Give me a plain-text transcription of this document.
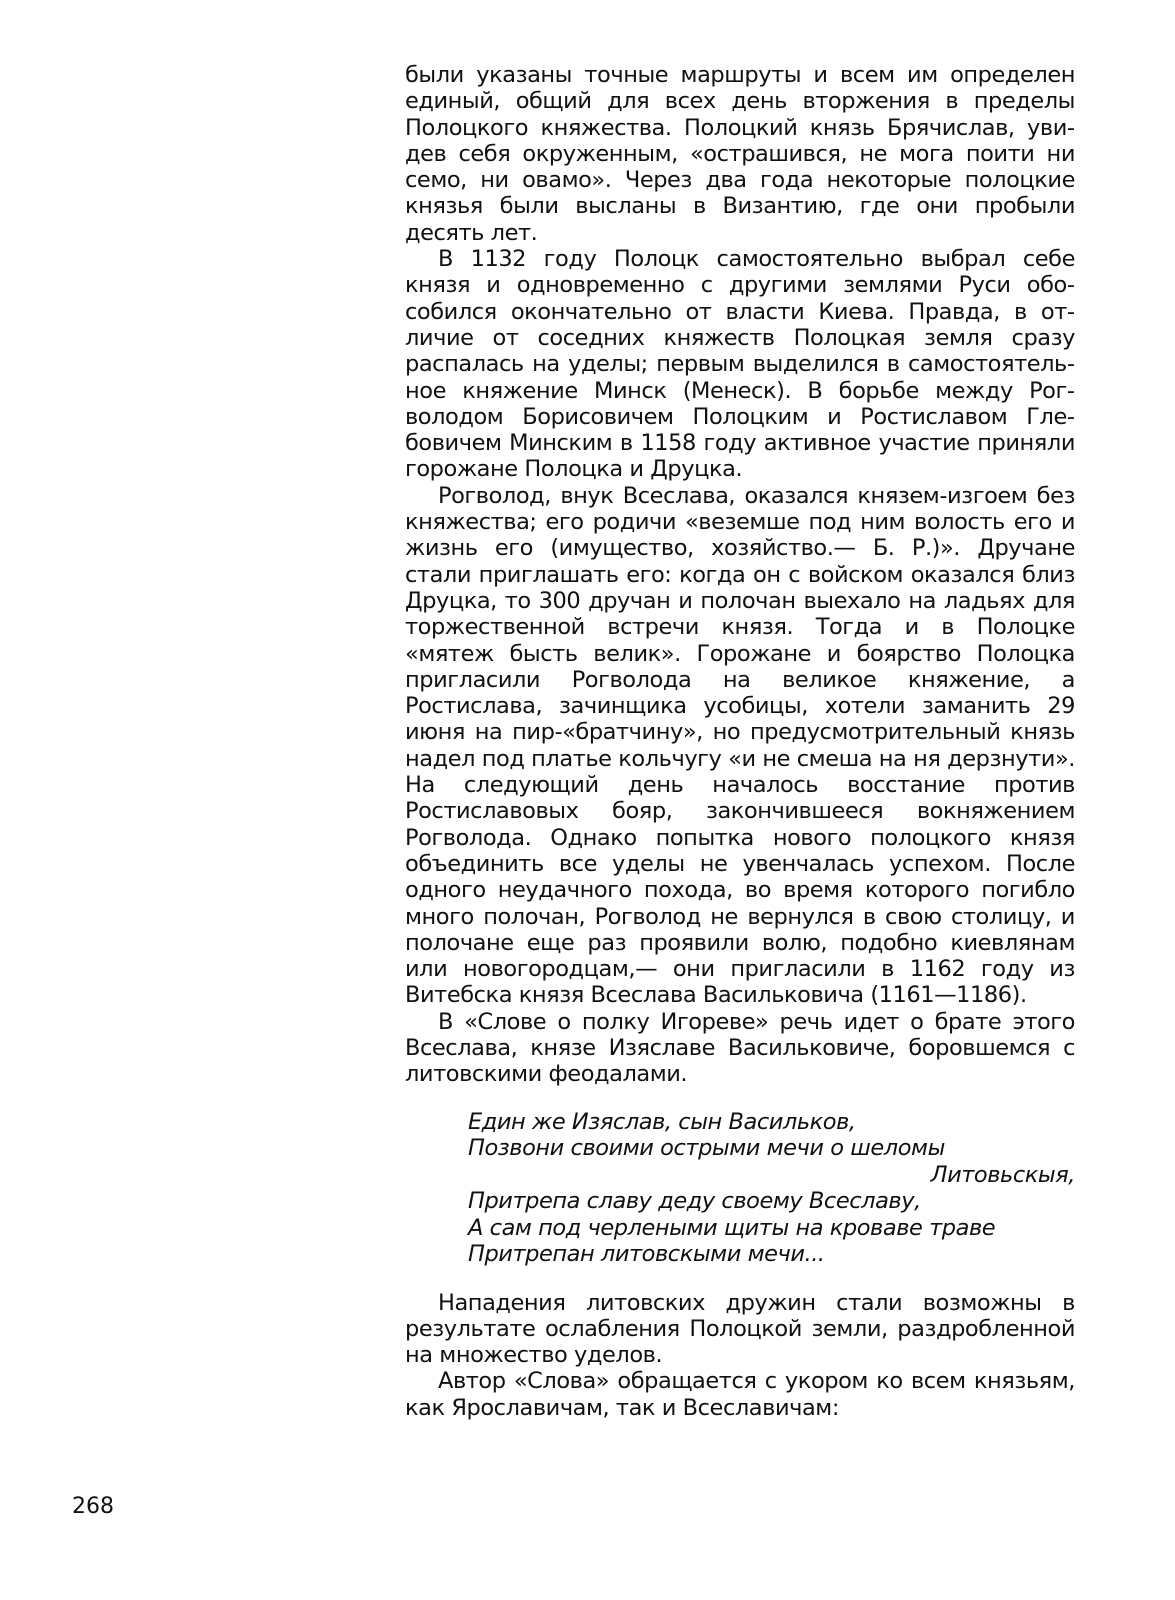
были указаны точные маршруты и всем им определен единый, общий для всех день вторжения в пределы Полоцкого княжества. Полоцкий князь Брячислав, увидев себя окруженным, «острашився, не мога поити ни семо, ни овамо». Через два года некоторые полоцкие князья были высланы в Византию, где они пробыли десять лет.

В 1132 году Полоцк самостоятельно выбрал себе князя и одновременно с другими землями Руси обособился окончательно от власти Киева. Правда, в отличие от соседних княжеств Полоцкая земля сразу распалась на уделы; первым выделился в самостоятельное княжение Минск (Менеск). В борьбе между Рогволодом Борисовичем Полоцким и Ростиславом Глебовичем Минским в 1158 году активное участие приняли горожане Полоцка и Друцка.

Рогволод, внук Всеслава, оказался князем-изгоем без княжества; его родичи «веземше под ним волость его и жизнь его (имущество, хозяйство.— Б. Р.)». Дручане стали приглашать его: когда он с войском оказался близ Друцка, то 300 дручан и полочан выехало на ладьях для торжественной встречи князя. Тогда и в Полоцке «мятеж бысть велик». Горожане и боярство Полоцка пригласили Рогволода на великое княжение, а Ростислава, зачинщика усобицы, хотели заманить 29 июня на пир-«братчину», но предусмотрительный князь надел под платье кольчугу «и не смеша на ня дерзнути». На следующий день началось восстание против Ростиславовых бояр, закончившееся вокняжением Рогволода. Однако попытка нового полоцкого князя объединить все уделы не увенчалась успехом. После одного неудачного похода, во время которого погибло много полочан, Рогволод не вернулся в свою столицу, и полочане еще раз проявили волю, подобно киевлянам или новогородцам,— они пригласили в 1162 году из Витебска князя Всеслава Васильковича (1161—1186).

В «Слове о полку Игореве» речь идет о брате этого Всеслава, князе Изяславе Васильковиче, боровшемся с литовскими феодалами.

Един же Изяслав, сын Васильков,
Позвони своими острыми мечи о шеломы
Литовьскыя,
Притрепа славу деду своему Всеславу,
А сам под черлеными щиты на кровавe траве
Притрепан литовскыми мечи...

Нападения литовских дружин стали возможны в результате ослабления Полоцкой земли, раздробленной на множество уделов.

Автор «Слова» обращается с укором ко всем князьям, как Ярославичам, так и Всеславичам:

268
